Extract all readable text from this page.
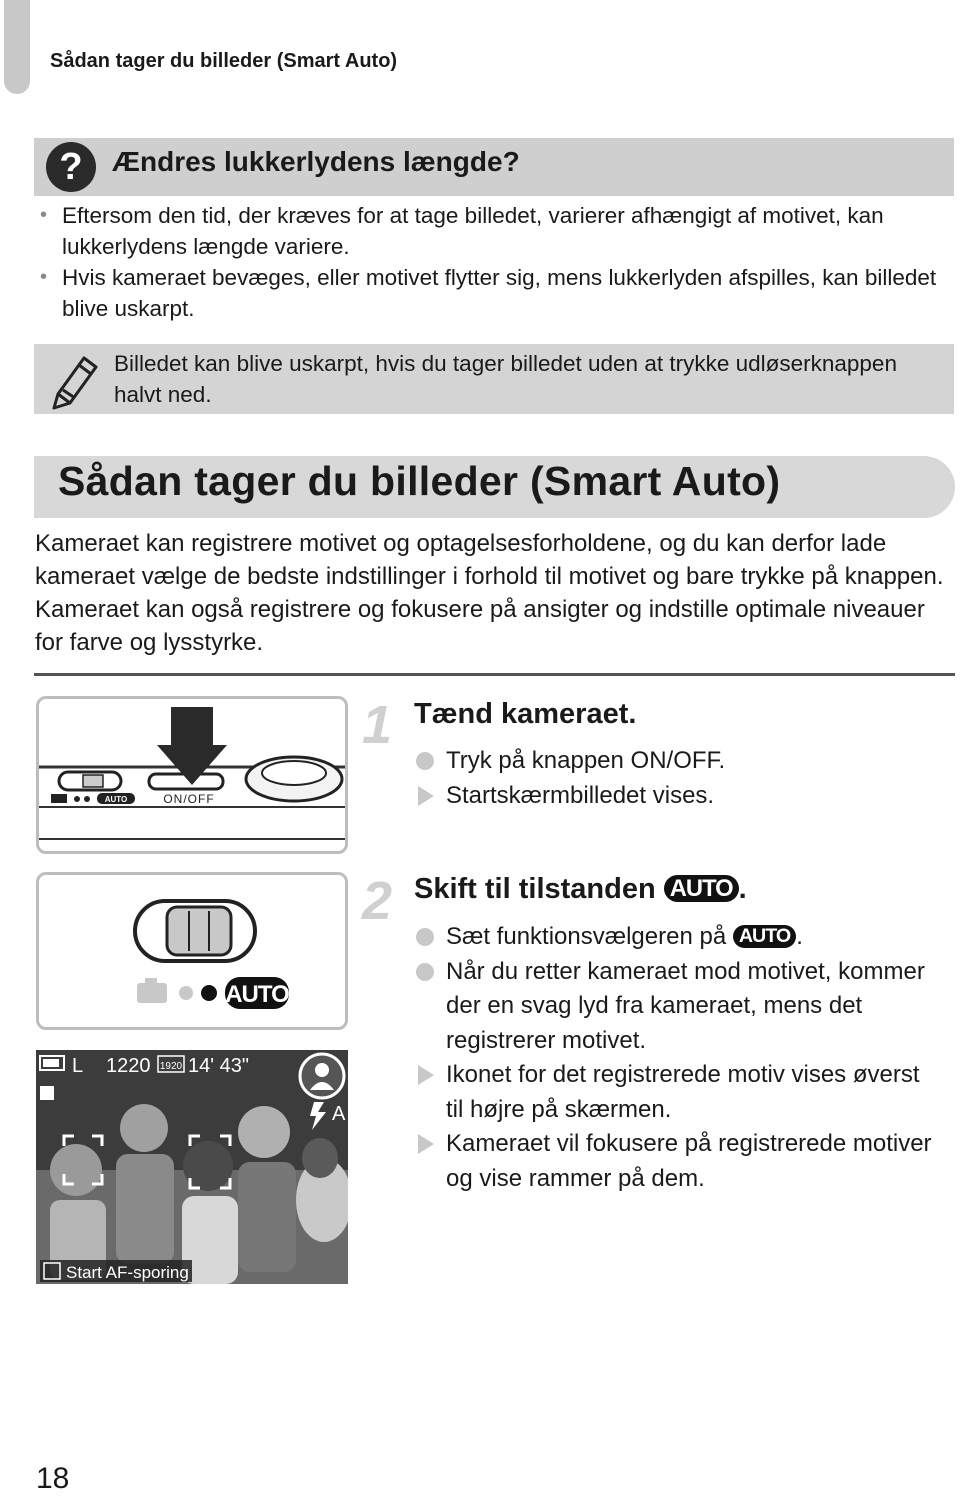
Sådan tager du billeder (Smart Auto)
?	Ændres lukkerlydens længde?
• Eftersom den tid, der kræves for at tage billedet, varierer afhængigt af motivet, kan lukkerlydens længde variere.
• Hvis kameraet bevæges, eller motivet flytter sig, mens lukkerlyden afspilles, kan billedet blive uskarpt.
Billedet kan blive uskarpt, hvis du tager billedet uden at trykke udløserknappen halvt ned.
Sådan tager du billeder (Smart Auto)
Kameraet kan registrere motivet og optagelsesforholdene, og du kan derfor lade kameraet vælge de bedste indstillinger i forhold til motivet og bare trykke på knappen. Kameraet kan også registrere og fokusere på ansigter og indstille optimale niveauer for farve og lysstyrke.
AUTO	ON/OFF
AUTO
L 1220 1920 14' 43"
A
Start AF-sporing
1 Tænd kameraet.
Tryk på knappen ON/OFF.
Startskærmbilledet vises.
2 Skift til tilstanden AUTO .
Sæt funktionsvælgeren på AUTO .
Når du retter kameraet mod motivet, kommer der en svag lyd fra kameraet, mens det registrerer motivet.
Ikonet for det registrerede motiv vises øverst til højre på skærmen.
Kameraet vil fokusere på registrerede motiver og vise rammer på dem.
18
